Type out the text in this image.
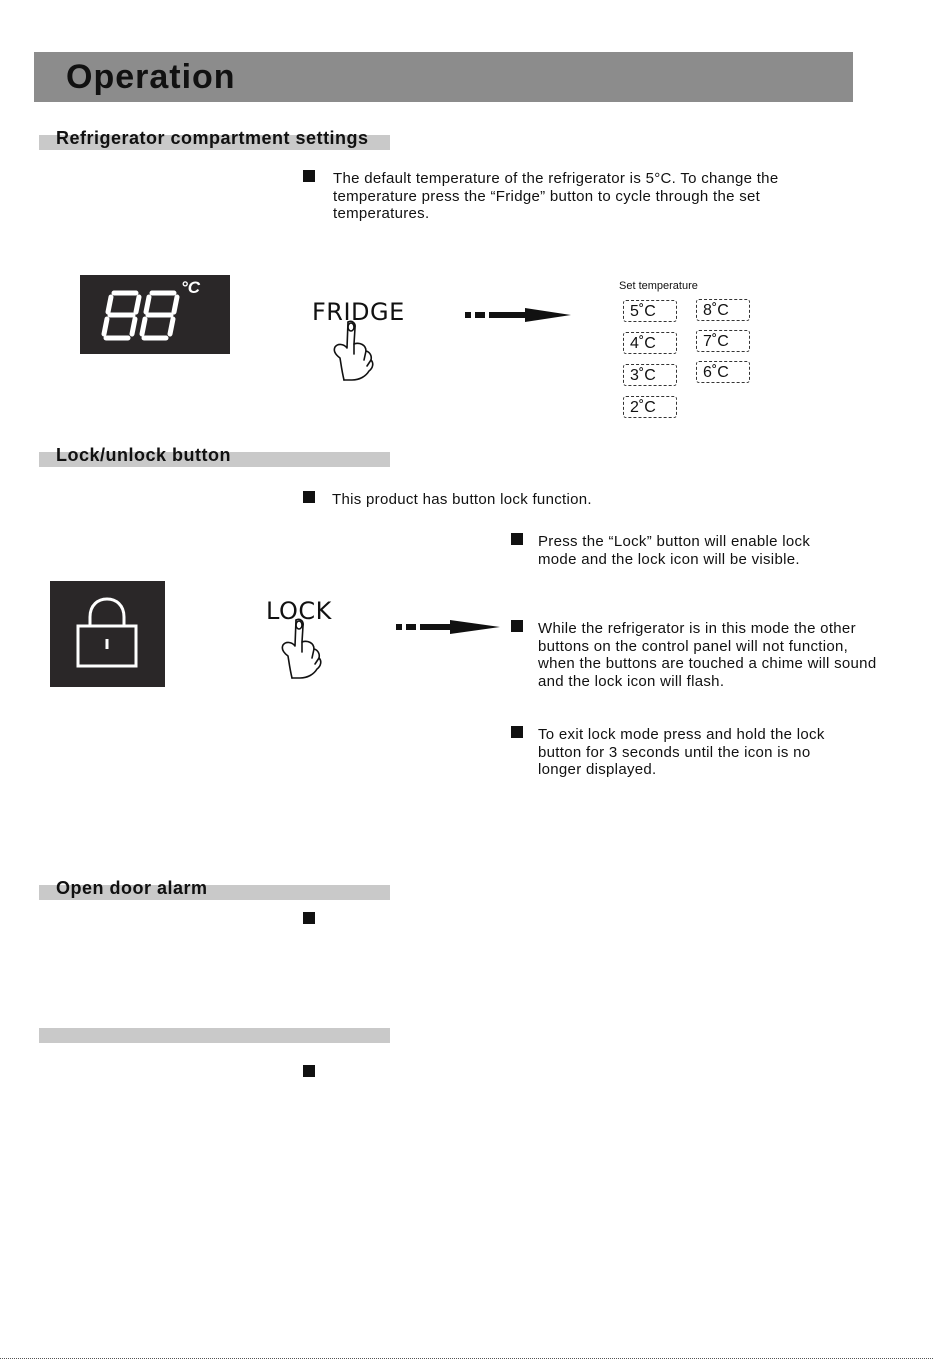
Operation
Refrigerator compartment settings
The default temperature of the refrigerator is 5°C. To change the temperature press the “Fridge” button to cycle through the set temperatures.
°C
FRIDGE
Set temperature
5˚C
4˚C
3˚C
2˚C
8˚C
7˚C
6˚C
Lock/unlock button
This product has button lock function.
LOCK
Press the “Lock” button will enable lock mode and the lock icon will be visible.
While the refrigerator is in this mode the other buttons on the control panel will not function, when the buttons are touched a chime will sound and the lock icon will flash.
To exit lock mode press and hold the lock button for 3 seconds until the icon is no longer displayed.
Open door alarm
